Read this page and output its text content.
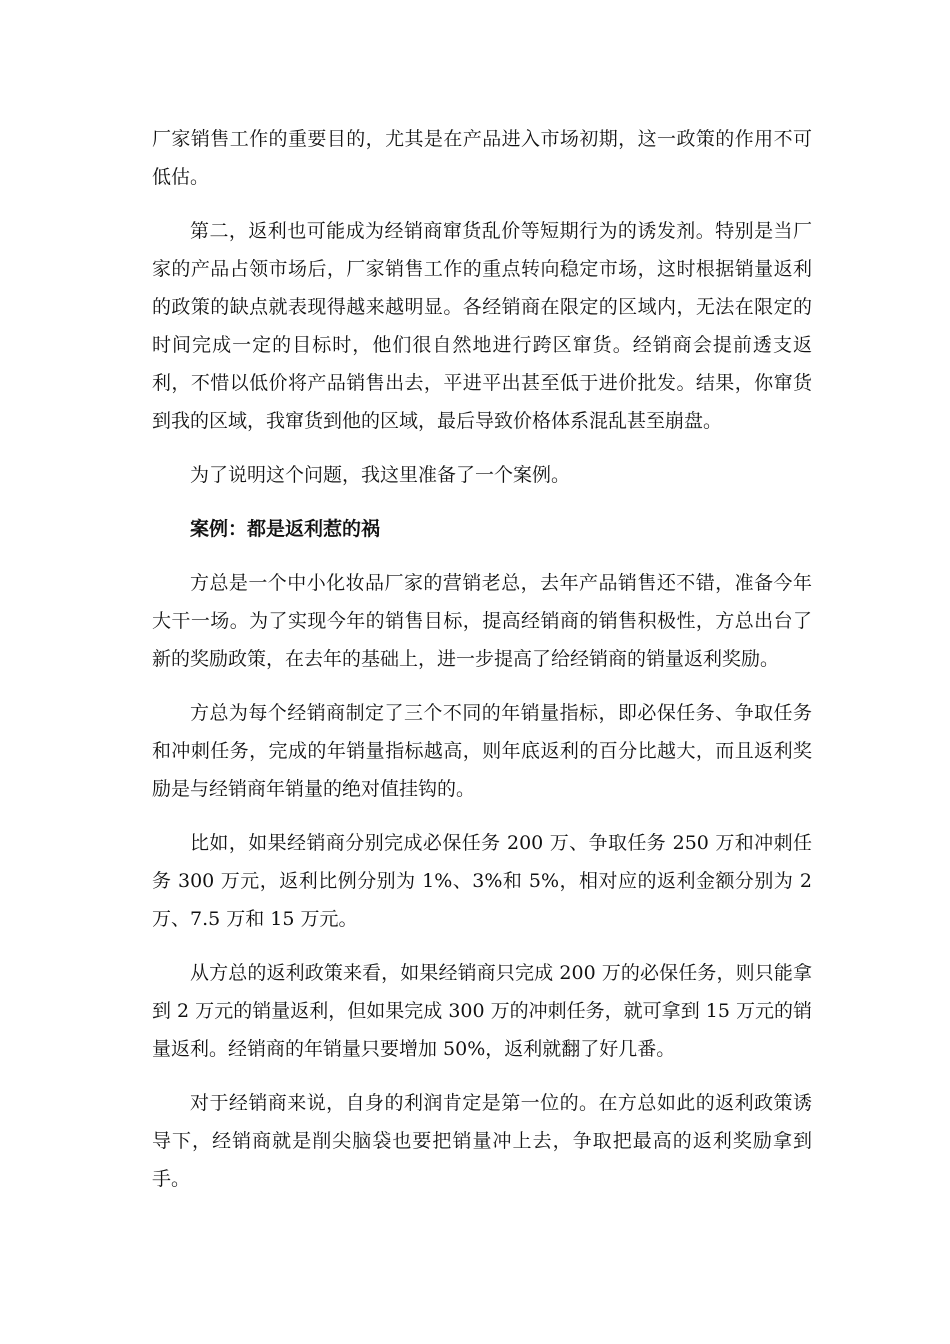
厂家销售工作的重要目的，尤其是在产品进入市场初期，这一政策的作用不可低估。

第二，返利也可能成为经销商窜货乱价等短期行为的诱发剂。特别是当厂家的产品占领市场后，厂家销售工作的重点转向稳定市场，这时根据销量返利的政策的缺点就表现得越来越明显。各经销商在限定的区域内，无法在限定的时间完成一定的目标时，他们很自然地进行跨区窜货。经销商会提前透支返利，不惜以低价将产品销售出去，平进平出甚至低于进价批发。结果，你窜货到我的区域，我窜货到他的区域，最后导致价格体系混乱甚至崩盘。

为了说明这个问题，我这里准备了一个案例。

案例：都是返利惹的祸

方总是一个中小化妆品厂家的营销老总，去年产品销售还不错，准备今年大干一场。为了实现今年的销售目标，提高经销商的销售积极性，方总出台了新的奖励政策，在去年的基础上，进一步提高了给经销商的销量返利奖励。

方总为每个经销商制定了三个不同的年销量指标，即必保任务、争取任务和冲刺任务，完成的年销量指标越高，则年底返利的百分比越大，而且返利奖励是与经销商年销量的绝对值挂钩的。

比如，如果经销商分别完成必保任务 200 万、争取任务 250 万和冲刺任务 300 万元，返利比例分别为 1%、3%和 5%，相对应的返利金额分别为 2 万、7.5 万和 15 万元。

从方总的返利政策来看，如果经销商只完成 200 万的必保任务，则只能拿到 2 万元的销量返利，但如果完成 300 万的冲刺任务，就可拿到 15 万元的销量返利。经销商的年销量只要增加 50%，返利就翻了好几番。

对于经销商来说，自身的利润肯定是第一位的。在方总如此的返利政策诱导下，经销商就是削尖脑袋也要把销量冲上去，争取把最高的返利奖励拿到手。
